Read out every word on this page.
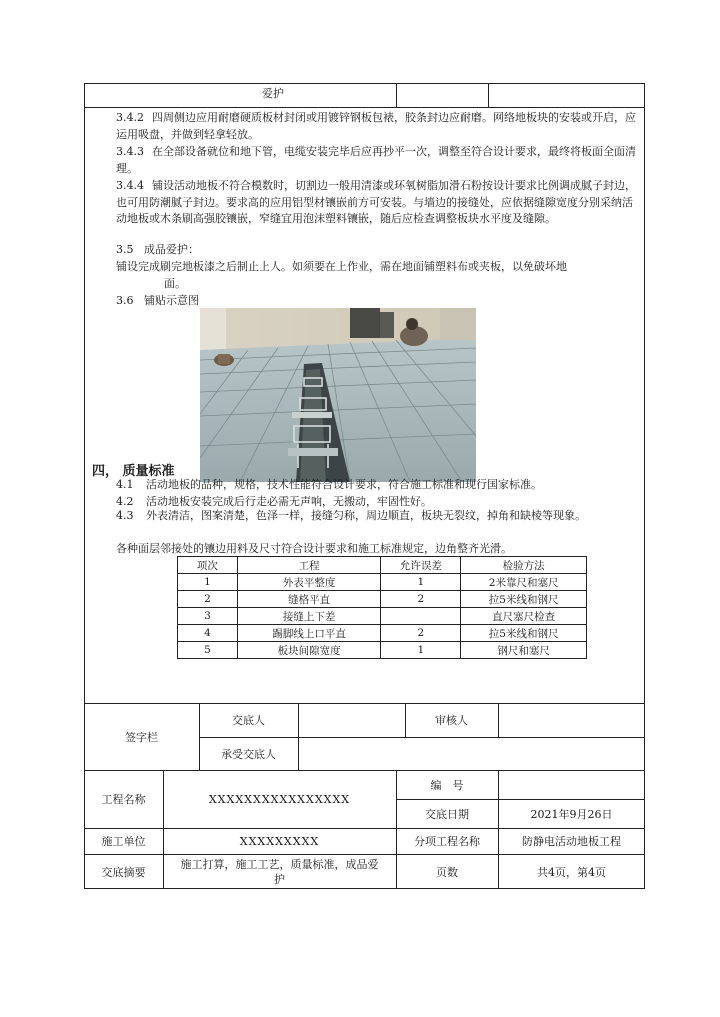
爱护
3.4.2 四周侧边应用耐磨硬质板材封闭或用镀锌钢板包裱，胶条封边应耐磨。网络地板块的安装或开启，应运用吸盘，并做到轻拿轻放。
3.4.3 在全部设备就位和地下管，电缆安装完毕后应再抄平一次，调整至符合设计要求，最终将板面全面清理。
3.4.4 铺设活动地板不符合模数时，切割边一般用清漆或环氧树脂加滑石粉按设计要求比例调成腻子封边，也可用防潮腻子封边。要求高的应用铝型材镶嵌前方可安装。与墙边的接缝处，应依据缝隙宽度分别采纳活动地板或木条刷高强胶镶嵌，窄缝宜用泡沫塑料镶嵌，随后应检查调整板块水平度及缝隙。
3.5 成品爱护：
铺设完成刷完地板漆之后制止上人。如须要在上作业，需在地面铺塑料布或夹板，以免破坏地
面。
3.6 铺贴示意图
四， 质量标准
4.1 活动地板的品种，规格，技术性能符合设计要求，符合施工标准和现行国家标准。
4.2 活动地板安装完成后行走必需无声响，无搬动，牢固性好。
4.3 外表清洁，图案清楚，色泽一样，接缝匀称，周边顺直，板块无裂纹，掉角和缺棱等现象。
各种面层邻接处的镶边用料及尺寸符合设计要求和施工标准规定，边角整齐光滑。
项次	工程	允许误差	检验方法
1	外表平整度	1	2米靠尺和塞尺
2	缝格平直	2	拉5米线和钢尺
3	接缝上下差		直尺塞尺检查
4	踢脚线上口平直	2	拉5米线和钢尺
5	板块间隙宽度	1	钢尺和塞尺
签字栏
交底人	审核人
承受交底人
工程名称	XXXXXXXXXXXXXXXX
编　号
交底日期	2021年9月26日
施工单位	XXXXXXXXX	分项工程名称	防静电活动地板工程
交底摘要
施工打算，施工工艺，质量标准，成品爱护
页数	共4页，第4页
